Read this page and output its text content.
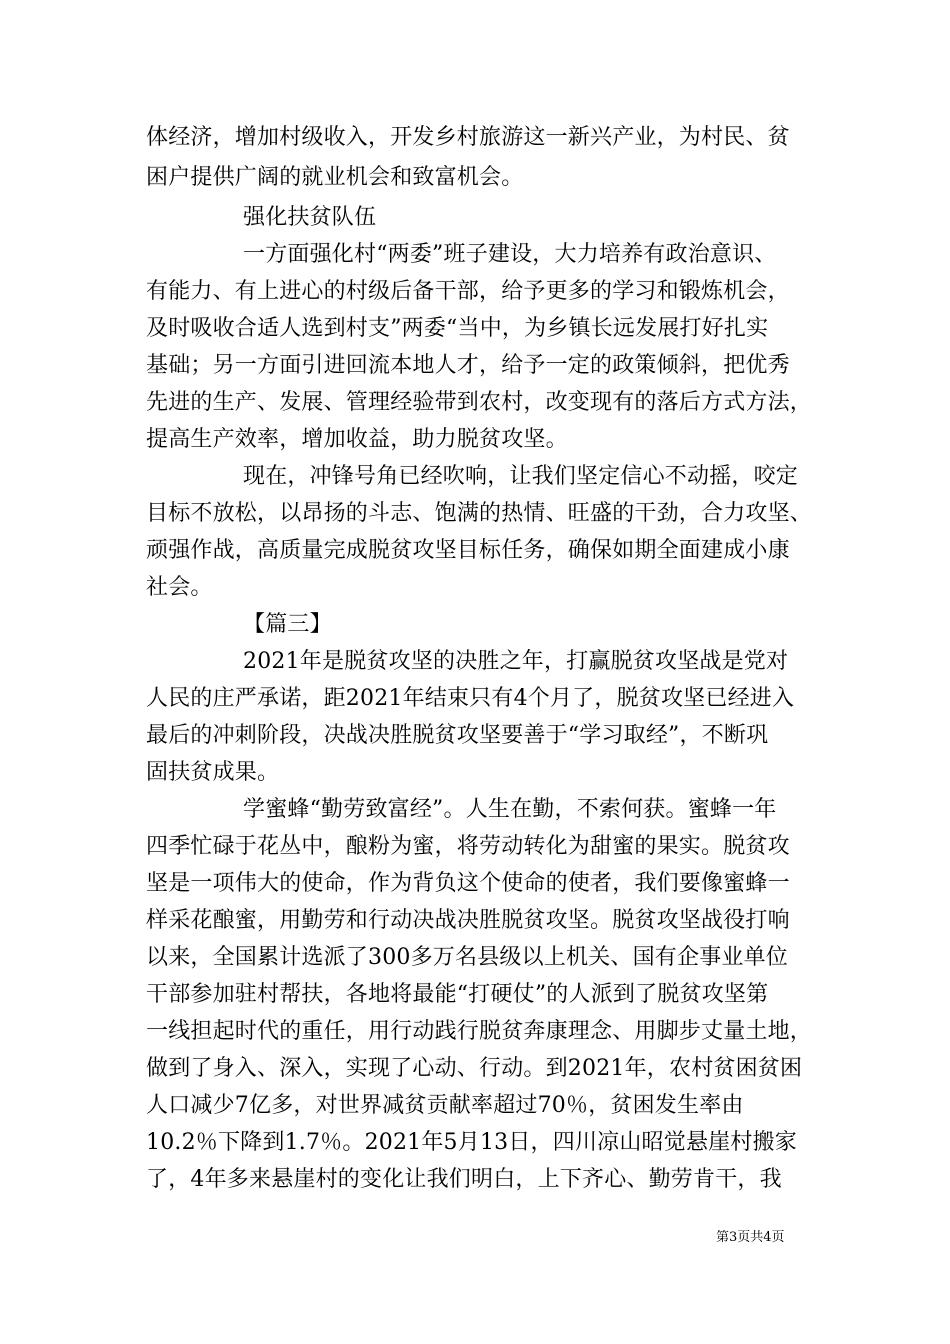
体经济，增加村级收入，开发乡村旅游这一新兴产业，为村民、贫
困户提供广阔的就业机会和致富机会。
强化扶贫队伍
一方面强化村“两委”班子建设，大力培养有政治意识、
有能力、有上进心的村级后备干部，给予更多的学习和锻炼机会，
及时吸收合适人选到村支”两委“当中，为乡镇长远发展打好扎实
基础；另一方面引进回流本地人才，给予一定的政策倾斜，把优秀
先进的生产、发展、管理经验带到农村，改变现有的落后方式方法，
提高生产效率，增加收益，助力脱贫攻坚。
现在，冲锋号角已经吹响，让我们坚定信心不动摇，咬定
目标不放松，以昂扬的斗志、饱满的热情、旺盛的干劲，合力攻坚、
顽强作战，高质量完成脱贫攻坚目标任务，确保如期全面建成小康
社会。
【篇三】
2021年是脱贫攻坚的决胜之年，打赢脱贫攻坚战是党对
人民的庄严承诺，距2021年结束只有4个月了，脱贫攻坚已经进入
最后的冲刺阶段，决战决胜脱贫攻坚要善于“学习取经”，不断巩
固扶贫成果。
学蜜蜂“勤劳致富经”。人生在勤，不索何获。蜜蜂一年
四季忙碌于花丛中，酿粉为蜜，将劳动转化为甜蜜的果实。脱贫攻
坚是一项伟大的使命，作为背负这个使命的使者，我们要像蜜蜂一
样采花酿蜜，用勤劳和行动决战决胜脱贫攻坚。脱贫攻坚战役打响
以来，全国累计选派了300多万名县级以上机关、国有企事业单位
干部参加驻村帮扶，各地将最能“打硬仗”的人派到了脱贫攻坚第
一线担起时代的重任，用行动践行脱贫奔康理念、用脚步丈量土地，
做到了身入、深入，实现了心动、行动。到2021年，农村贫困贫困
人口减少7亿多，对世界减贫贡献率超过70％，贫困发生率由
10.2％下降到1.7％。2021年5月13日，四川凉山昭觉悬崖村搬家
了，4年多来悬崖村的变化让我们明白，上下齐心、勤劳肯干，我
第3页共4页
